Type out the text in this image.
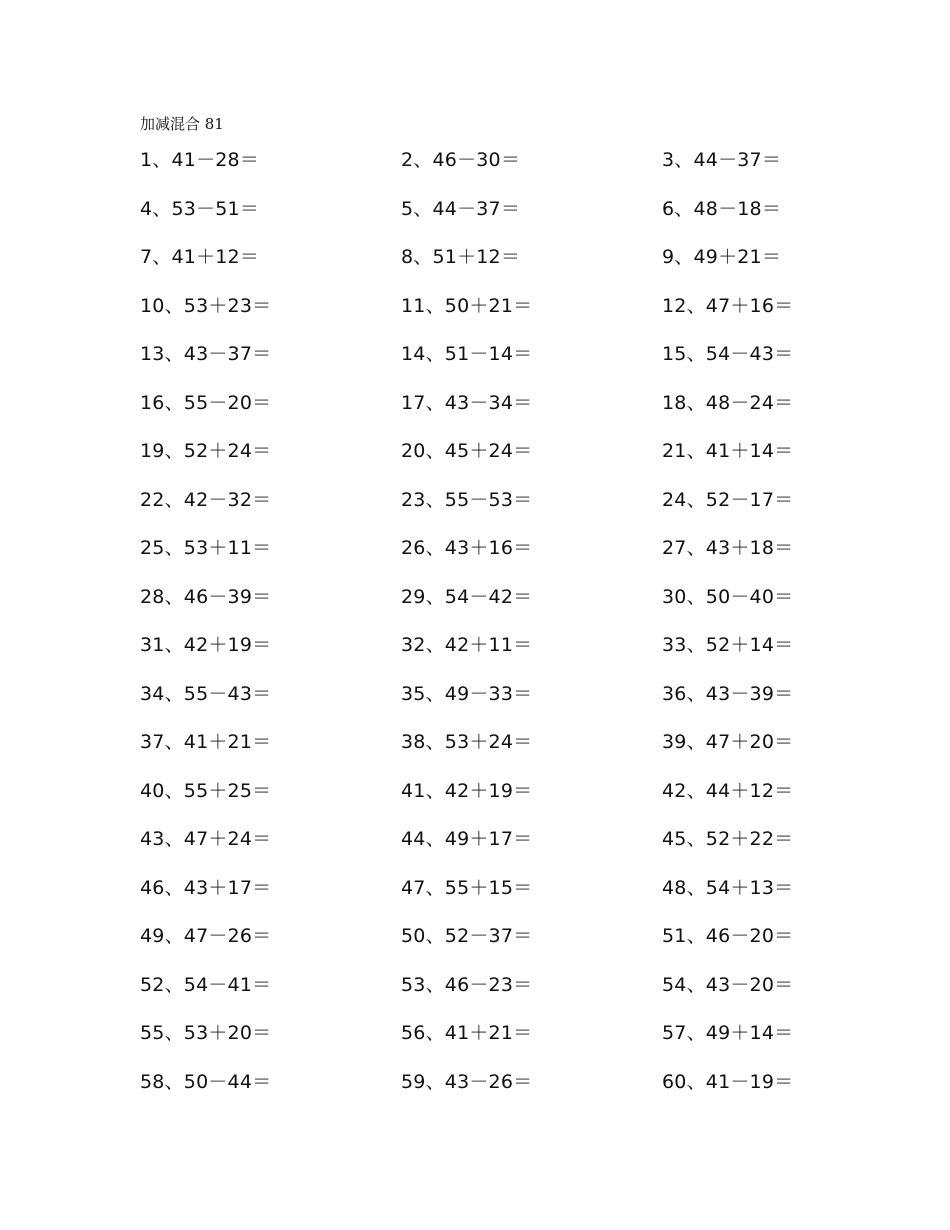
加减混合 81
1、41－28＝	2、46－30＝	3、44－37＝
4、53－51＝	5、44－37＝	6、48－18＝
7、41＋12＝	8、51＋12＝	9、49＋21＝
10、53＋23＝	11、50＋21＝	12、47＋16＝
13、43－37＝	14、51－14＝	15、54－43＝
16、55－20＝	17、43－34＝	18、48－24＝
19、52＋24＝	20、45＋24＝	21、41＋14＝
22、42－32＝	23、55－53＝	24、52－17＝
25、53＋11＝	26、43＋16＝	27、43＋18＝
28、46－39＝	29、54－42＝	30、50－40＝
31、42＋19＝	32、42＋11＝	33、52＋14＝
34、55－43＝	35、49－33＝	36、43－39＝
37、41＋21＝	38、53＋24＝	39、47＋20＝
40、55＋25＝	41、42＋19＝	42、44＋12＝
43、47＋24＝	44、49＋17＝	45、52＋22＝
46、43＋17＝	47、55＋15＝	48、54＋13＝
49、47－26＝	50、52－37＝	51、46－20＝
52、54－41＝	53、46－23＝	54、43－20＝
55、53＋20＝	56、41＋21＝	57、49＋14＝
58、50－44＝	59、43－26＝	60、41－19＝
